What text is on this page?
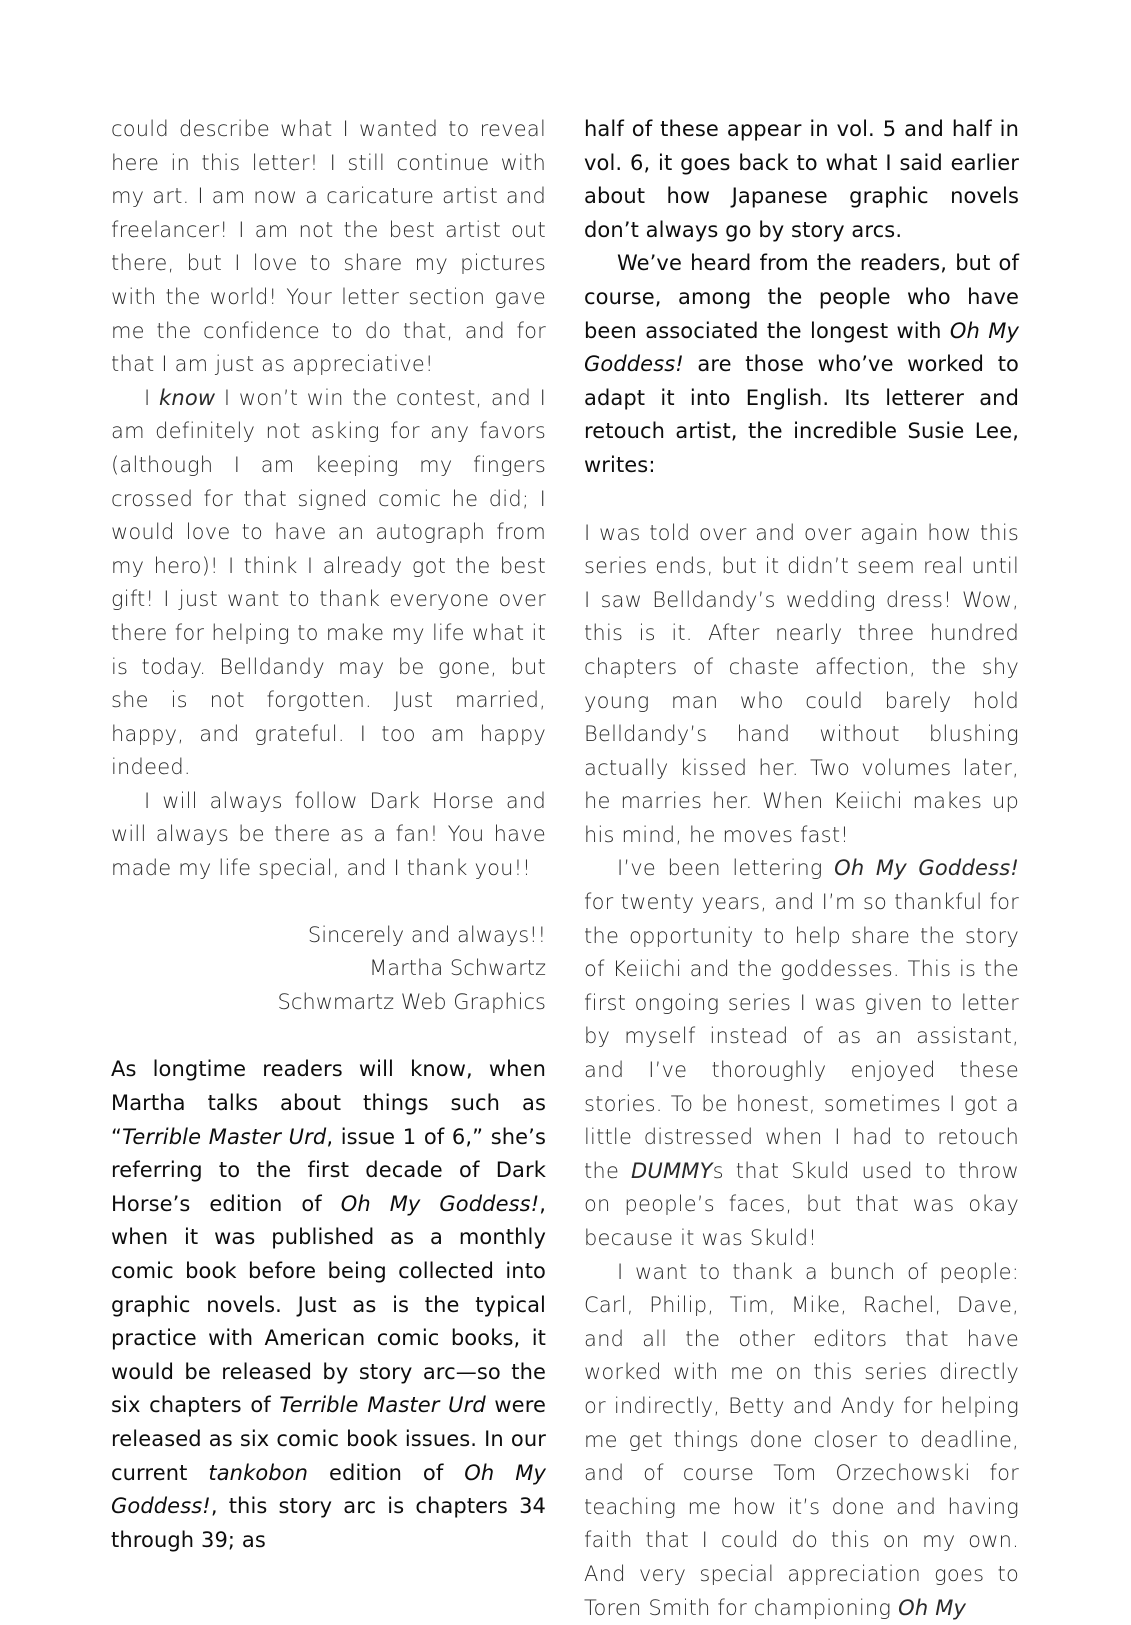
could describe what I wanted to reveal here in this letter! I still continue with my art. I am now a caricature artist and freelancer! I am not the best artist out there, but I love to share my pictures with the world! Your letter section gave me the confidence to do that, and for that I am just as appreciative!

I know I won’t win the contest, and I am definitely not asking for any favors (although I am keeping my fingers crossed for that signed comic he did; I would love to have an autograph from my hero)! I think I already got the best gift! I just want to thank everyone over there for helping to make my life what it is today. Belldandy may be gone, but she is not forgotten. Just married, happy, and grateful. I too am happy indeed.

I will always follow Dark Horse and will always be there as a fan! You have made my life special, and I thank you!!

Sincerely and always!!
Martha Schwartz
Schwmartz Web Graphics

As longtime readers will know, when Martha talks about things such as “Terrible Master Urd, issue 1 of 6,” she’s referring to the first decade of Dark Horse’s edition of Oh My Goddess!, when it was published as a monthly comic book before being collected into graphic novels. Just as is the typical practice with American comic books, it would be released by story arc—so the six chapters of Terrible Master Urd were released as six comic book issues. In our current tankobon edition of Oh My Goddess!, this story arc is chapters 34 through 39; as

half of these appear in vol. 5 and half in vol. 6, it goes back to what I said earlier about how Japanese graphic novels don’t always go by story arcs.

We’ve heard from the readers, but of course, among the people who have been associated the longest with Oh My Goddess! are those who’ve worked to adapt it into English. Its letterer and retouch artist, the incredible Susie Lee, writes:

I was told over and over again how this series ends, but it didn’t seem real until I saw Belldandy’s wedding dress! Wow, this is it. After nearly three hundred chapters of chaste affection, the shy young man who could barely hold Belldandy’s hand without blushing actually kissed her. Two volumes later, he marries her. When Keiichi makes up his mind, he moves fast!

I’ve been lettering Oh My Goddess! for twenty years, and I’m so thankful for the opportunity to help share the story of Keiichi and the goddesses. This is the first ongoing series I was given to letter by myself instead of as an assistant, and I’ve thoroughly enjoyed these stories. To be honest, sometimes I got a little distressed when I had to retouch the DUMMYs that Skuld used to throw on people’s faces, but that was okay because it was Skuld!

I want to thank a bunch of people: Carl, Philip, Tim, Mike, Rachel, Dave, and all the other editors that have worked with me on this series directly or indirectly, Betty and Andy for helping me get things done closer to deadline, and of course Tom Orzechowski for teaching me how it’s done and having faith that I could do this on my own. And very special appreciation goes to Toren Smith for championing Oh My
